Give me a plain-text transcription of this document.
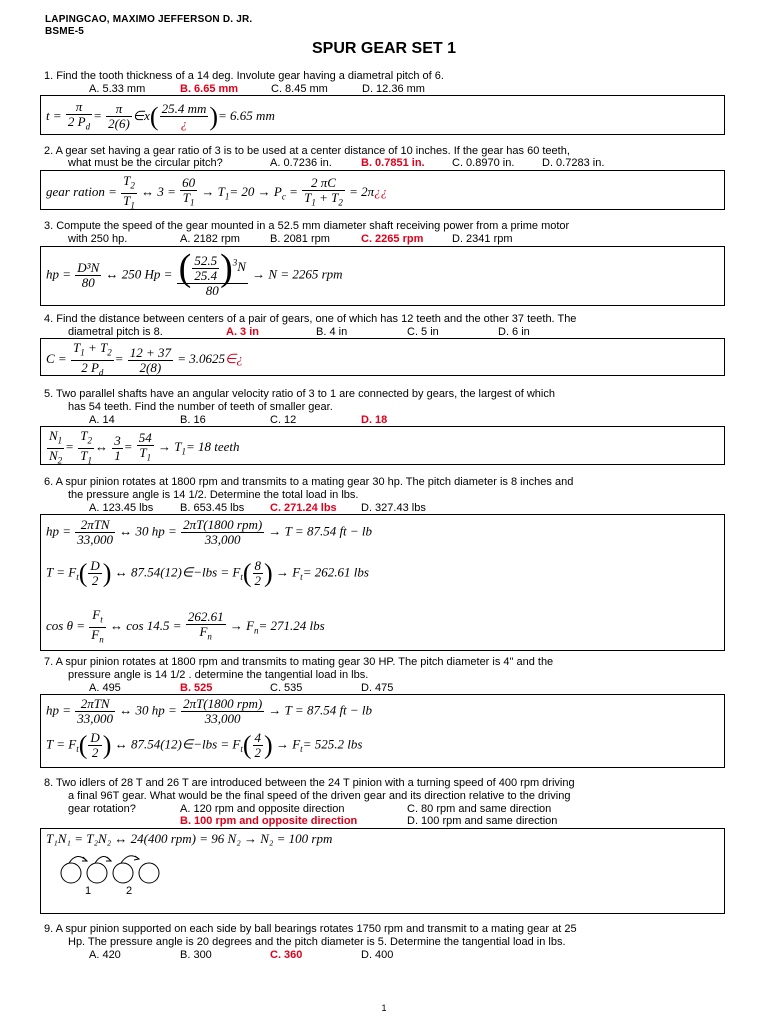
LAPINGCAO, MAXIMO JEFFERSON D. JR.
BSME-5
SPUR GEAR SET 1
1. Find the tooth thickness of a 14 deg. Involute gear having a diametral pitch of 6.
A. 5.33 mm	B. 6.65 mm	C. 8.45 mm	D. 12.36 mm
$t = \frac{\pi}{2 P_d} = \frac{\pi}{2(6)}$ ∈x( $\frac{25.4 mm}{¿}$ )= 6.65 mm
2. A gear set having a gear ratio of 3 is to be used at a center distance of 10 inches. If the gear has 60 teeth,
what must be the circular pitch?	A. 0.7236 in.	B. 0.7851 in. C. 0.8970 in.	D. 0.7283 in.
gear ration = $\frac{T_2}{T_1}$ ↔ $3 = \frac{60}{T_1} \to T_1= 20 \to P_c = \frac{2 \pi C}{T_1 + T_2}$ = 2π¿¿
3. Compute the speed of the gear mounted in a 52.5 mm diameter shaft receiving power from a prime motor
with 250 hp.	A. 2182 rpm	B. 2081 rpm	C. 2265 rpm	D. 2341 rpm
hp = $\frac{\text{D³N}}{80}$ ↔ 250 $Hp = \frac{( \frac{52.5}{25.4} )^3N}{80} \to N = 2265$ rpm
4. Find the distance between centers of a pair of gears, one of which has 12 teeth and the other 37 teeth. The
diametral pitch is 8.	A. 3 in	B. 4 in	C. 5 in	D. 6 in
$C = \frac{T_1 + T_2}{2 P_d} = \frac{12 + 37}{2(8)}$ = 3.0625∈¿
5. Two parallel shafts have an angular velocity ratio of 3 to 1 are connected by gears, the largest of which
has 54 teeth. Find the number of teeth of smaller gear.
A. 14	B. 16	C. 12	D. 18
$\frac{N_1}{N_2} = \frac{T_2}{T_1}$ ↔ $\frac{3}{1} = \frac{54}{T_1} \to T_1= 18$ teeth
6. A spur pinion rotates at 1800 rpm and transmits to a mating gear 30 hp. The pitch diameter is 8 inches and
the pressure angle is 14 1/2. Determine the total load in lbs.
A. 123.45 lbs B. 653.45 lbs C. 271.24 lbs D. 327.43 lbs
hp = $\frac{\text{2πTN}}{33,000}$ ↔ 30 hp = $\frac{\text{2πT(1800 rpm)}}{33,000} \to T = 87.54$ ft − lb
$T = F_t( \frac{D}{2}$ ) ↔ 87.54(12)∈−lbs = $F_t( \frac{8}{2}$ ) → $F_t= 262.61$ lbs
$\cos \theta = \frac{F_t}{F_n}$ ↔ $\cos 14.5 = \frac{262.61}{F_n} \to F_n= 271.24$ lbs
7. A spur pinion rotates at 1800 rpm and transmits to mating gear 30 HP. The pitch diameter is 4" and the
pressure angle is 14 1/2 . determine the tangential load in lbs.
A. 495	B. 525	C. 535	D. 475
hp = $\frac{\text{2πTN}}{33,000}$ ↔ 30 hp = $\frac{\text{2πT(1800 rpm)}}{33,000} \to T = 87.54$ ft − lb
$T = F_t( \frac{D}{2}$ ) ↔ 87.54(12)∈−lbs = $F_t( \frac{4}{2}$ ) → $F_t= 525.2$ lbs
8. Two idlers of 28 T and 26 T are introduced between the 24 T pinion with a turning speed of 400 rpm driving
a final 96T gear. What would be the final speed of the driven gear and its direction relative to the driving
gear rotation?	A. 120 rpm and opposite direction
B. 100 rpm and opposite direction
C. 80 rpm and same direction
D. 100 rpm and same direction
T₁N₁ = T₂N₂ ↔ 24(400 rpm) = 96 N₂ → N₂ = 100 rpm
1	2
9. A spur pinion supported on each side by ball bearings rotates 1750 rpm and transmit to a mating gear at 25
Hp. The pressure angle is 20 degrees and the pitch diameter is 5. Determine the tangential load in lbs.
A. 420	B. 300	C. 360	D. 400
1
